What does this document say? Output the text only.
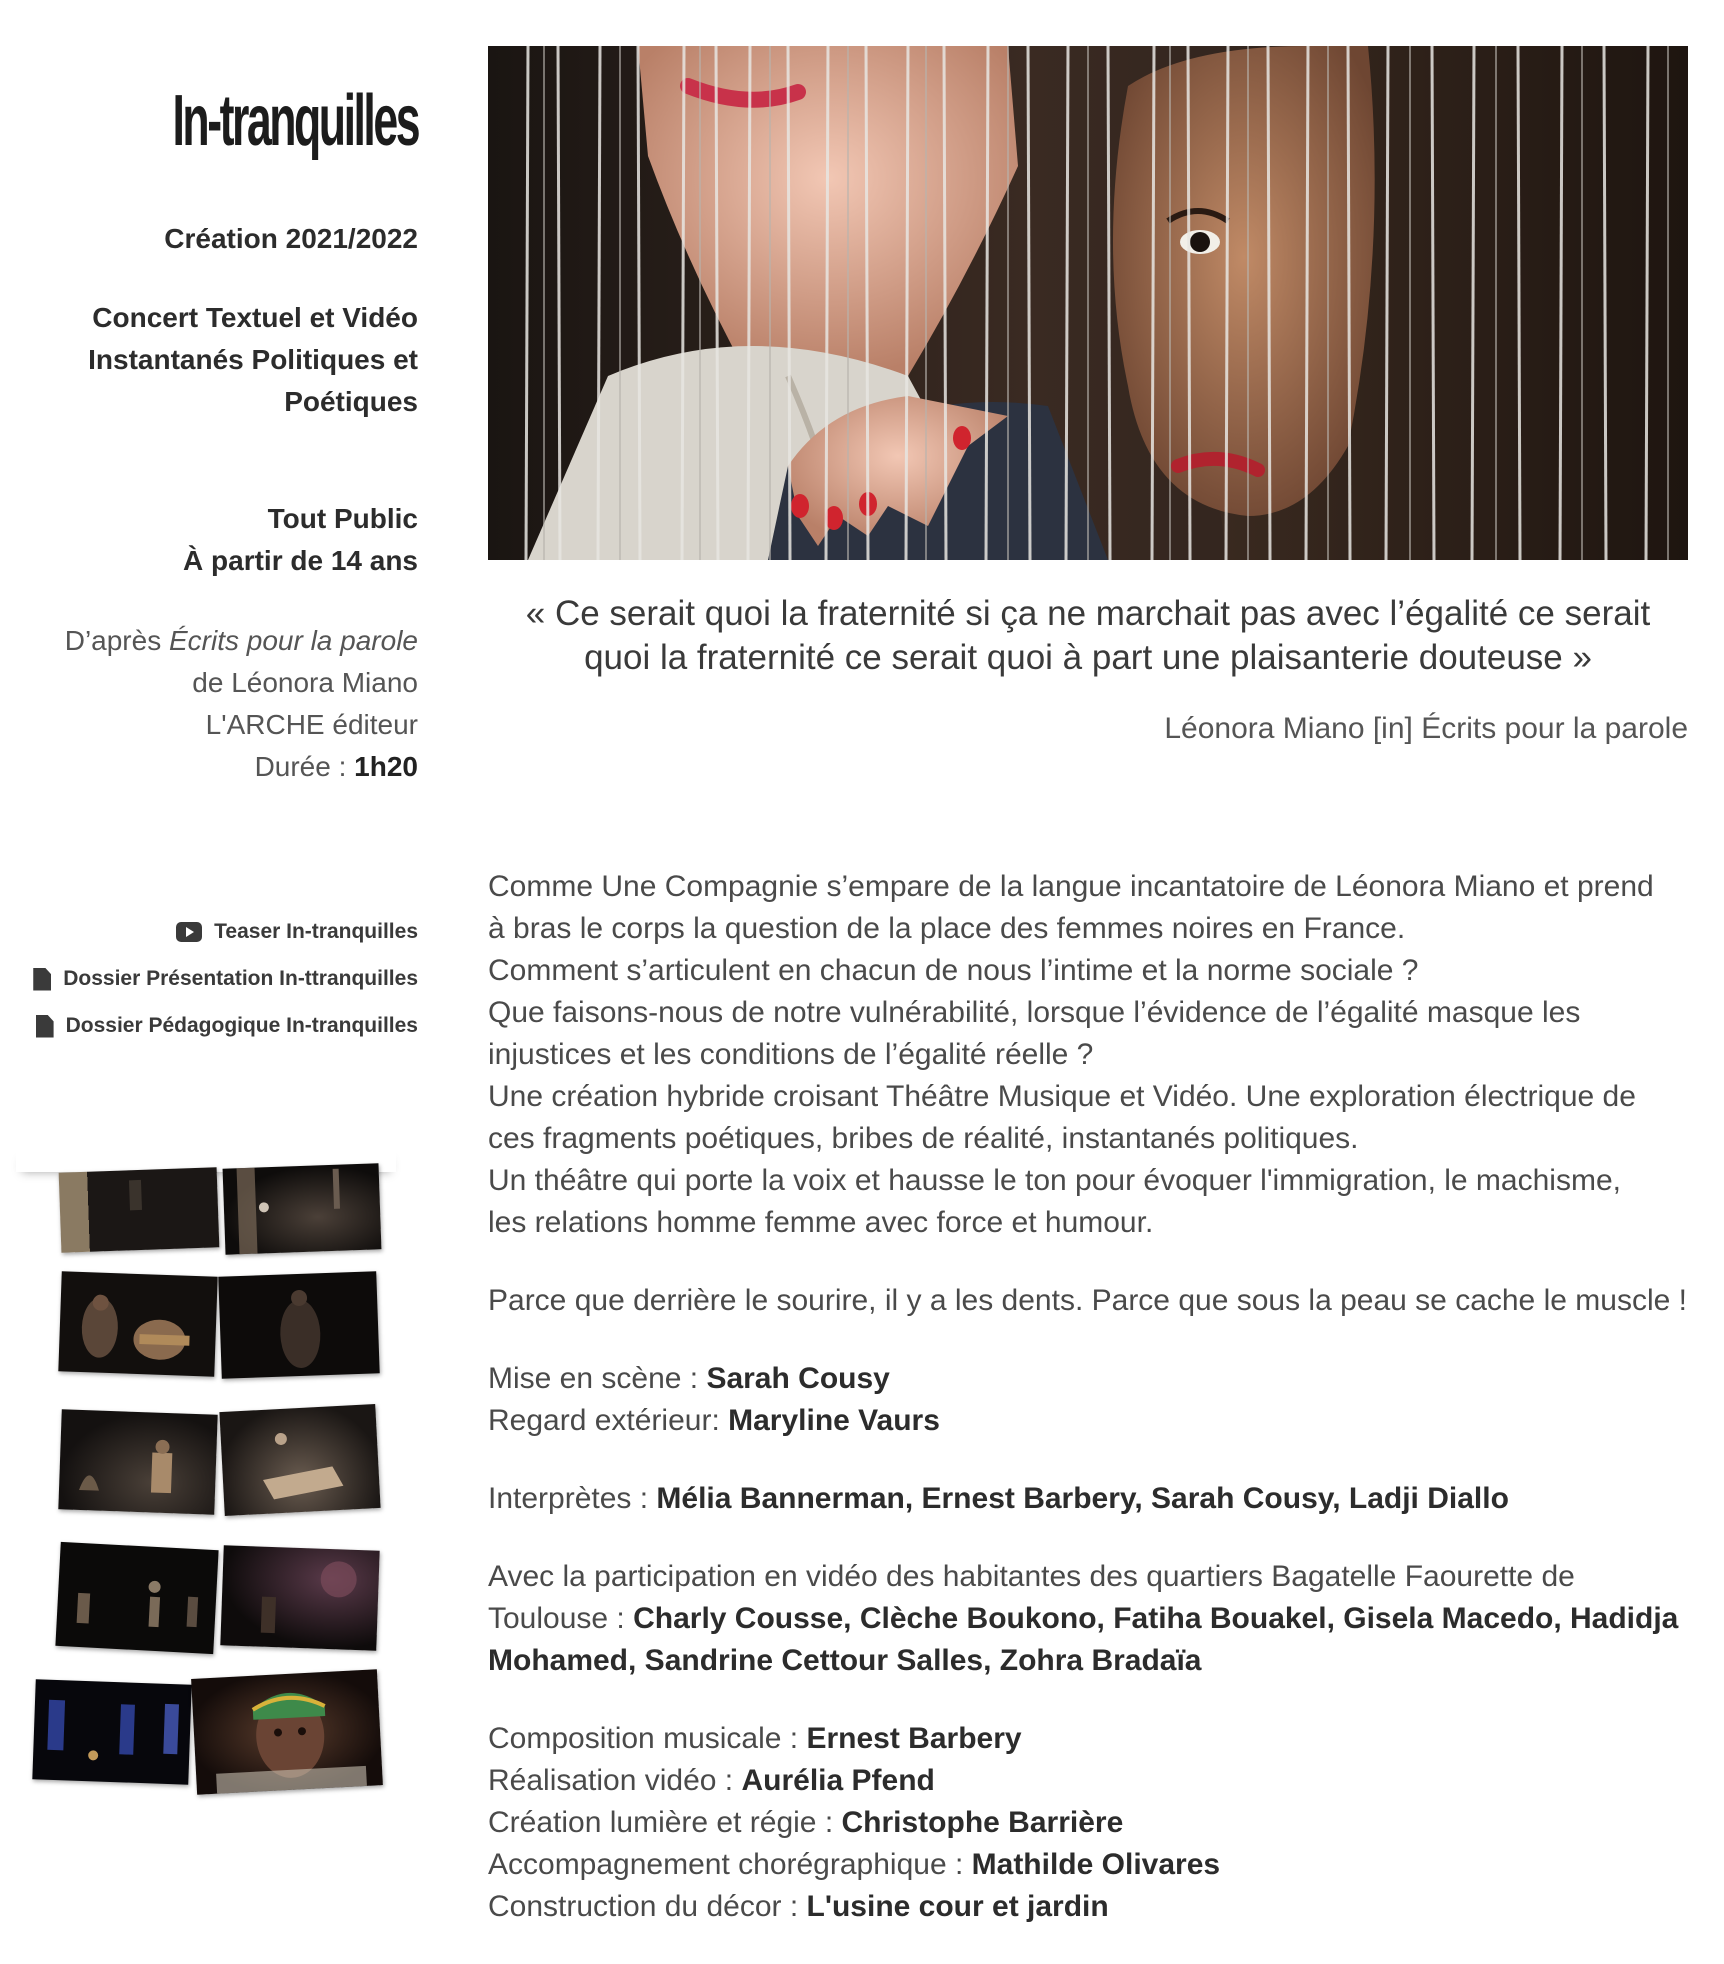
In-tranquilles
Création 2021/2022
Concert Textuel et Vidéo
Instantanés Politiques et
Poétiques
Tout Public
À partir de 14 ans
D’après Écrits pour la parole
de Léonora Miano
L'ARCHE éditeur
Durée : 1h20
Teaser In-tranquilles
Dossier Présentation In-ttranquilles
Dossier Pédagogique In-tranquilles
« Ce serait quoi la fraternité si ça ne marchait pas avec l’égalité ce serait
quoi la fraternité ce serait quoi à part une plaisanterie douteuse »

Léonora Miano [in] Écrits pour la parole

Comme Une Compagnie s’empare de la langue incantatoire de Léonora Miano et prend

à bras le corps la question de la place des femmes noires en France.

Comment s’articulent en chacun de nous l’intime et la norme sociale ?

Que faisons-nous de notre vulnérabilité, lorsque l’évidence de l’égalité masque les

injustices et les conditions de l’égalité réelle ?

Une création hybride croisant Théâtre Musique et Vidéo. Une exploration électrique de

ces fragments poétiques, bribes de réalité, instantanés politiques.

Un théâtre qui porte la voix et hausse le ton pour évoquer l'immigration, le machisme,

les relations homme femme avec force et humour.

Parce que derrière le sourire, il y a les dents. Parce que sous la peau se cache le muscle !

Mise en scène : Sarah Cousy

Regard extérieur: Maryline Vaurs

Interprètes : Mélia Bannerman, Ernest Barbery, Sarah Cousy, Ladji Diallo

Avec la participation en vidéo des habitantes des quartiers Bagatelle Faourette de

Toulouse : Charly Cousse, Clèche Boukono, Fatiha Bouakel, Gisela Macedo, Hadidja

Mohamed, Sandrine Cettour Salles, Zohra Bradaïa

Composition musicale : Ernest Barbery

Réalisation vidéo : Aurélia Pfend

Création lumière et régie : Christophe Barrière

Accompagnement chorégraphique : Mathilde Olivares

Construction du décor : L'usine cour et jardin
